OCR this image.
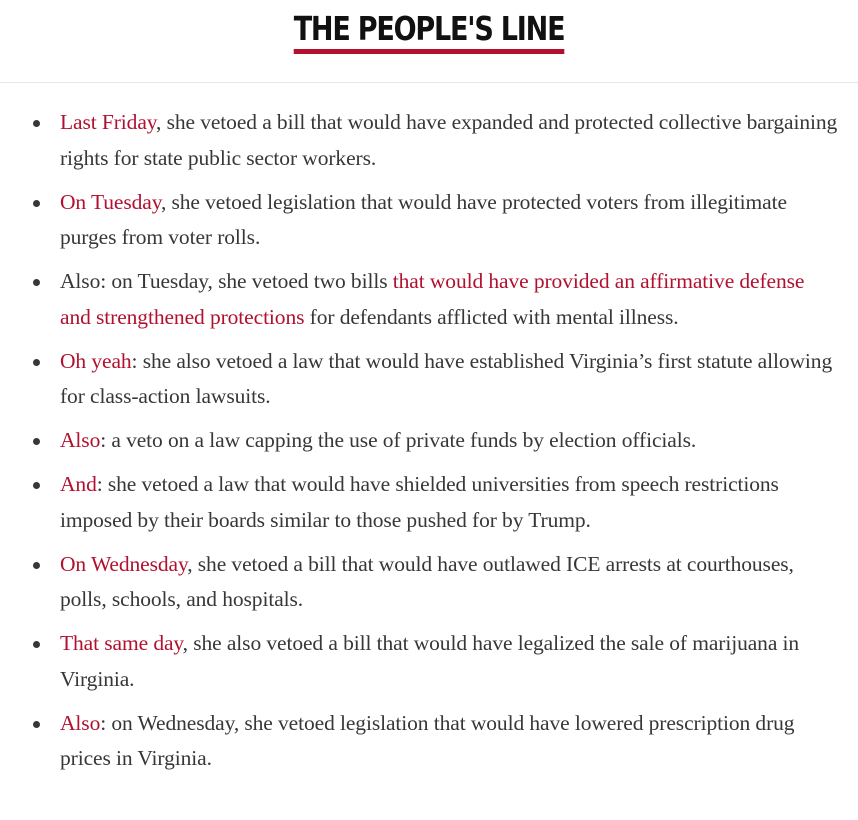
THE PEOPLE'S LINE
Last Friday, she vetoed a bill that would have expanded and protected collective bargaining rights for state public sector workers.
On Tuesday, she vetoed legislation that would have protected voters from illegitimate purges from voter rolls.
Also: on Tuesday, she vetoed two bills that would have provided an affirmative defense and strengthened protections for defendants afflicted with mental illness.
Oh yeah: she also vetoed a law that would have established Virginia’s first statute allowing for class-action lawsuits.
Also: a veto on a law capping the use of private funds by election officials.
And: she vetoed a law that would have shielded universities from speech restrictions imposed by their boards similar to those pushed for by Trump.
On Wednesday, she vetoed a bill that would have outlawed ICE arrests at courthouses, polls, schools, and hospitals.
That same day, she also vetoed a bill that would have legalized the sale of marijuana in Virginia.
Also: on Wednesday, she vetoed legislation that would have lowered prescription drug prices in Virginia.
